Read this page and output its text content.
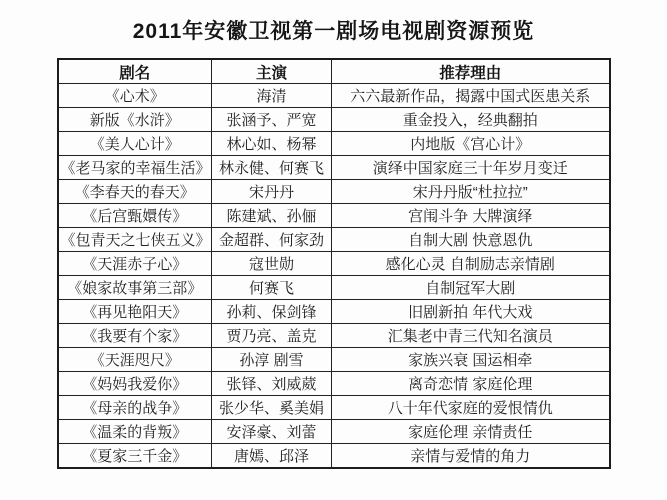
2011年安徽卫视第一剧场电视剧资源预览
剧名	主演	推荐理由
《心术》	海清	六六最新作品，揭露中国式医患关系
新版《水浒》	张涵予、严宽	重金投入，经典翻拍
《美人心计》	林心如、杨幂	内地版《宫心计》
《老马家的幸福生活》	林永健、何赛飞	演绎中国家庭三十年岁月变迁
《李春天的春天》	宋丹丹	宋丹丹版“杜拉拉”
《后宫甄嬛传》	陈建斌、孙俪	宫闱斗争 大牌演绎
《包青天之七侠五义》	金超群、何家劲	自制大剧 快意恩仇
《天涯赤子心》	寇世勋	感化心灵 自制励志亲情剧
《娘家故事第三部》	何赛飞	自制冠军大剧
《再见艳阳天》	孙莉、保剑锋	旧剧新拍 年代大戏
《我要有个家》	贾乃亮、盖克	汇集老中青三代知名演员
《天涯咫尺》	孙淳 剧雪	家族兴衰 国运相牵
《妈妈我爱你》	张铎、刘威葳	离奇恋情 家庭伦理
《母亲的战争》	张少华、奚美娟	八十年代家庭的爱恨情仇
《温柔的背叛》	安泽豪、刘蕾	家庭伦理 亲情责任
《夏家三千金》	唐嫣、邱泽	亲情与爱情的角力
